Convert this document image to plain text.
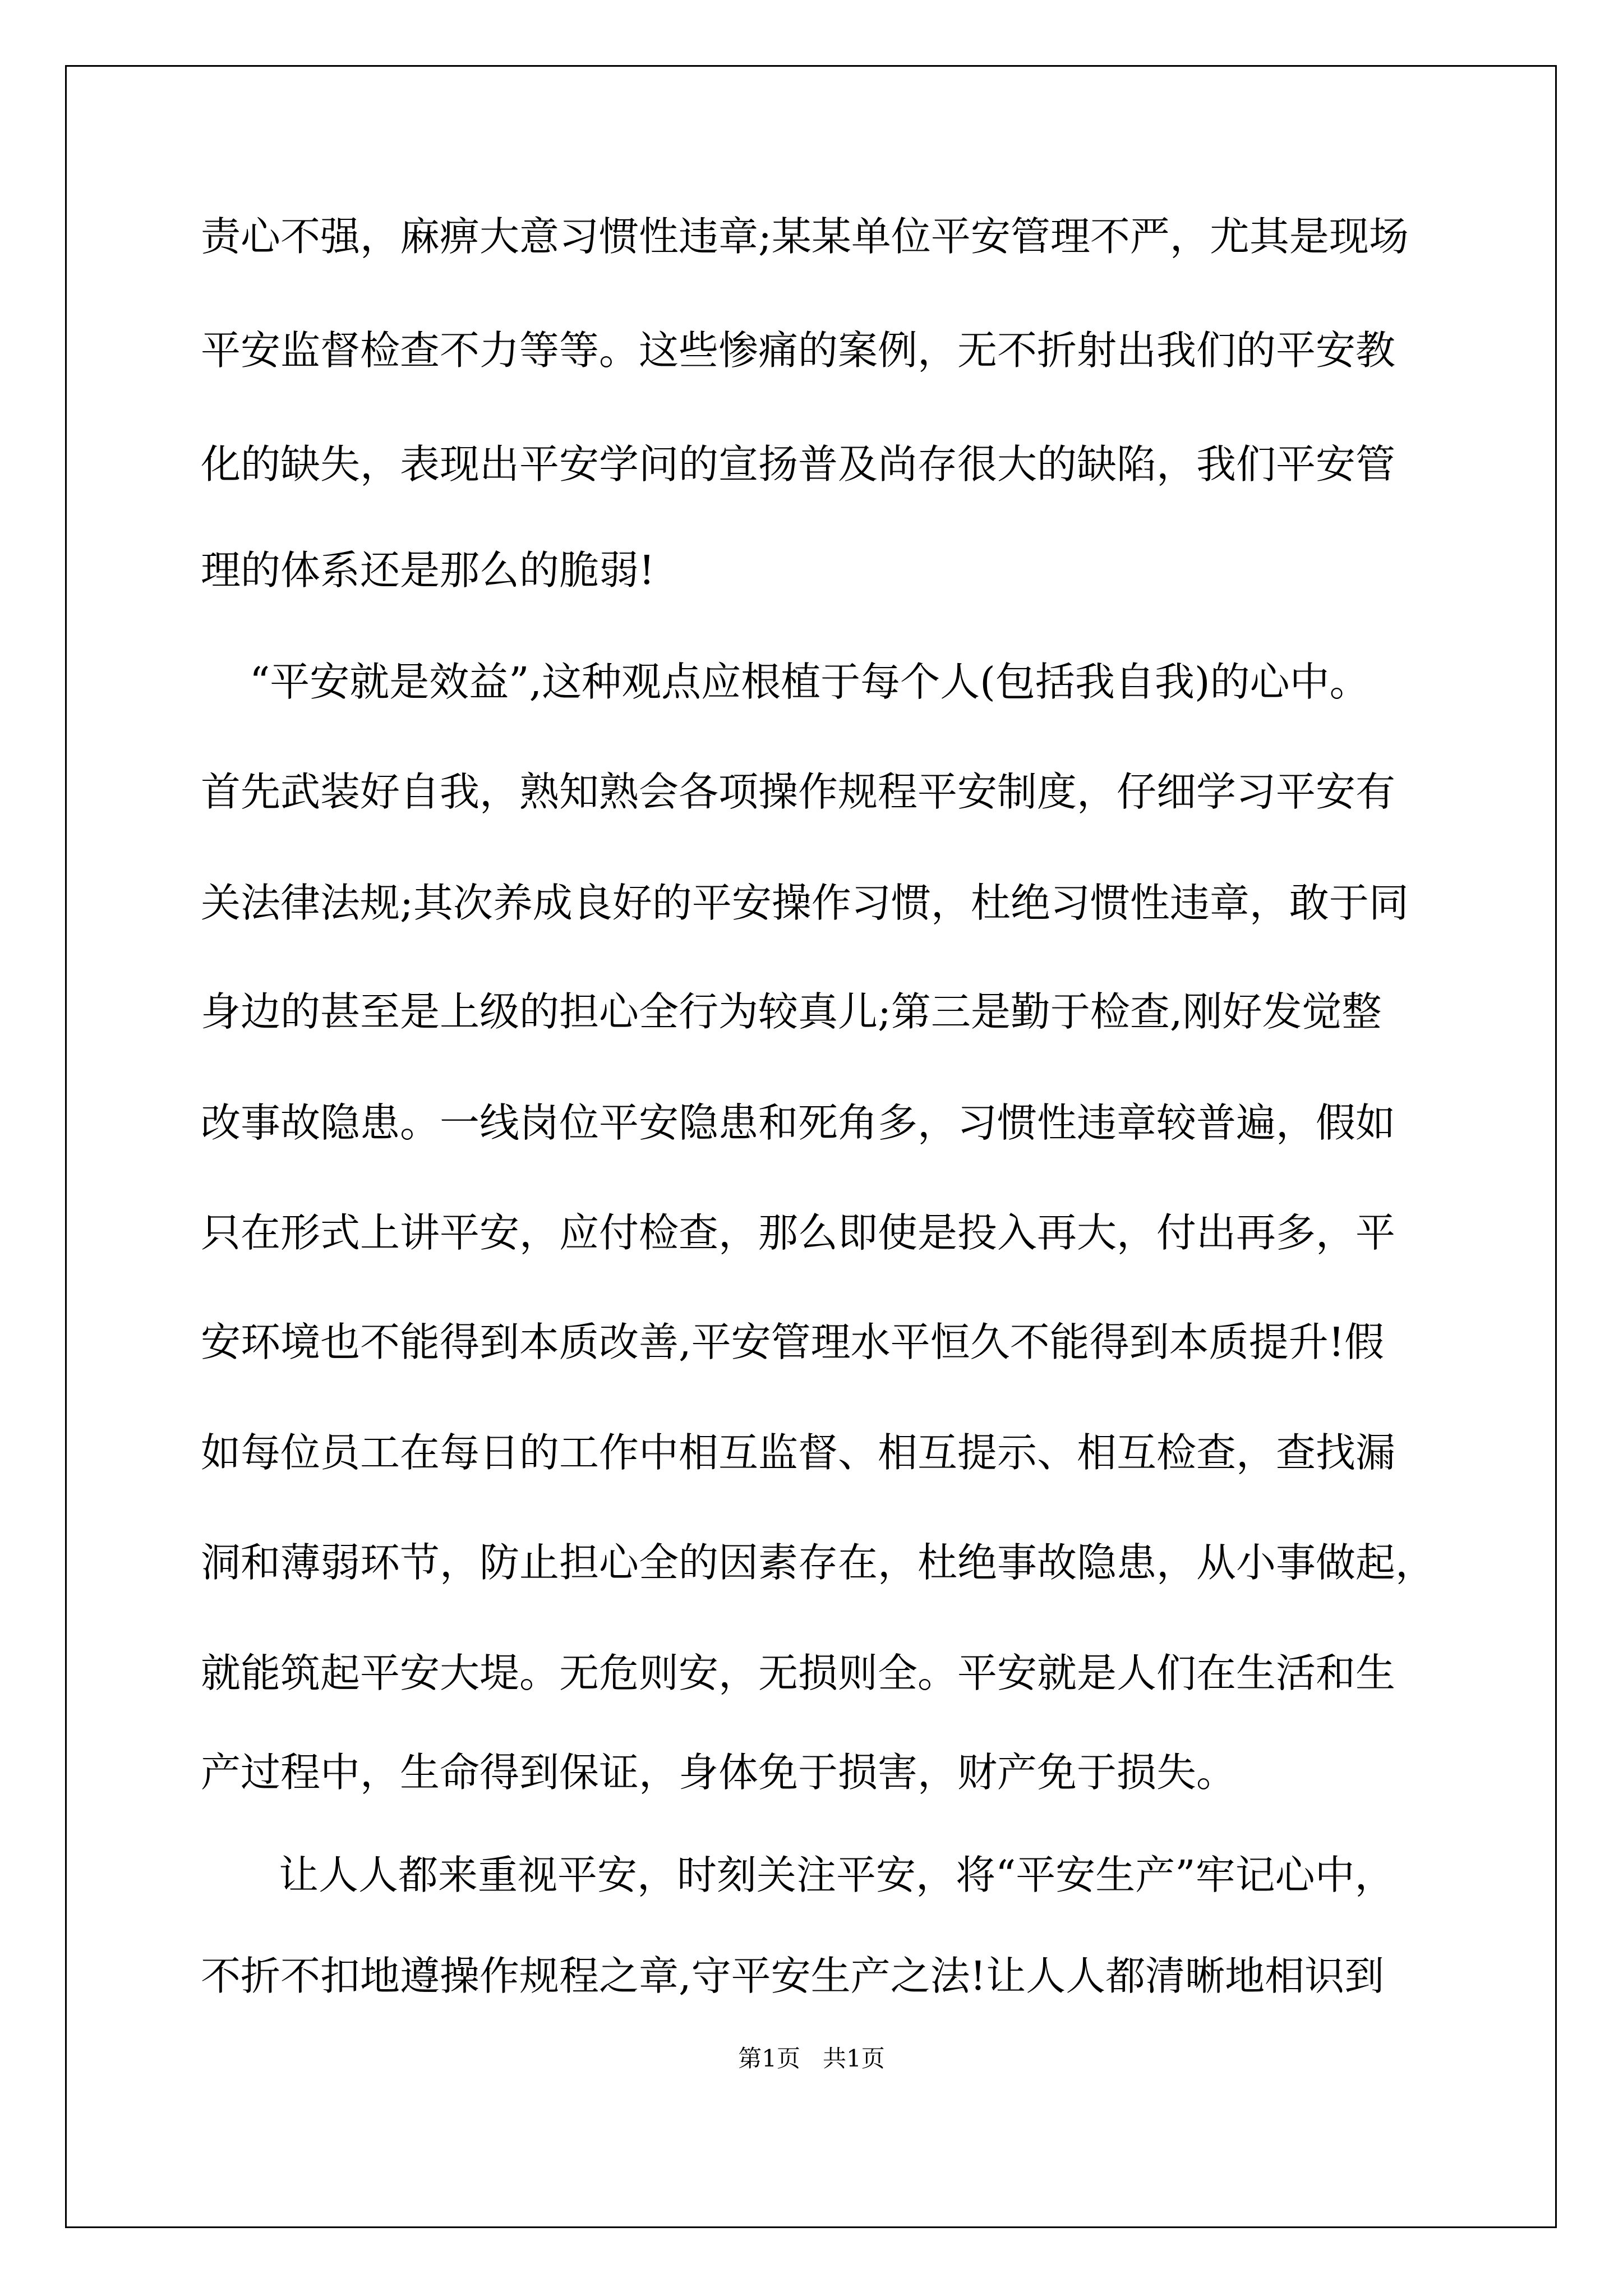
责心不强，麻痹大意习惯性违章;某某单位平安管理不严，尤其是现场

平安监督检查不力等等。这些惨痛的案例，无不折射出我们的平安教

化的缺失，表现出平安学问的宣扬普及尚存很大的缺陷，我们平安管

理的体系还是那么的脆弱!

“平安就是效益”,这种观点应根植于每个人(包括我自我)的心中。

首先武装好自我，熟知熟会各项操作规程平安制度，仔细学习平安有

关法律法规;其次养成良好的平安操作习惯，杜绝习惯性违章，敢于同

身边的甚至是上级的担心全行为较真儿;第三是勤于检查,刚好发觉整

改事故隐患。一线岗位平安隐患和死角多，习惯性违章较普遍，假如

只在形式上讲平安，应付检查，那么即使是投入再大，付出再多，平

安环境也不能得到本质改善,平安管理水平恒久不能得到本质提升!假

如每位员工在每日的工作中相互监督、相互提示、相互检查，查找漏

洞和薄弱环节，防止担心全的因素存在，杜绝事故隐患，从小事做起，

就能筑起平安大堤。无危则安，无损则全。平安就是人们在生活和生

产过程中，生命得到保证，身体免于损害，财产免于损失。

让人人都来重视平安，时刻关注平安，将“平安生产”牢记心中，

不折不扣地遵操作规程之章,守平安生产之法!让人人都清晰地相识到

第1页   共1页
